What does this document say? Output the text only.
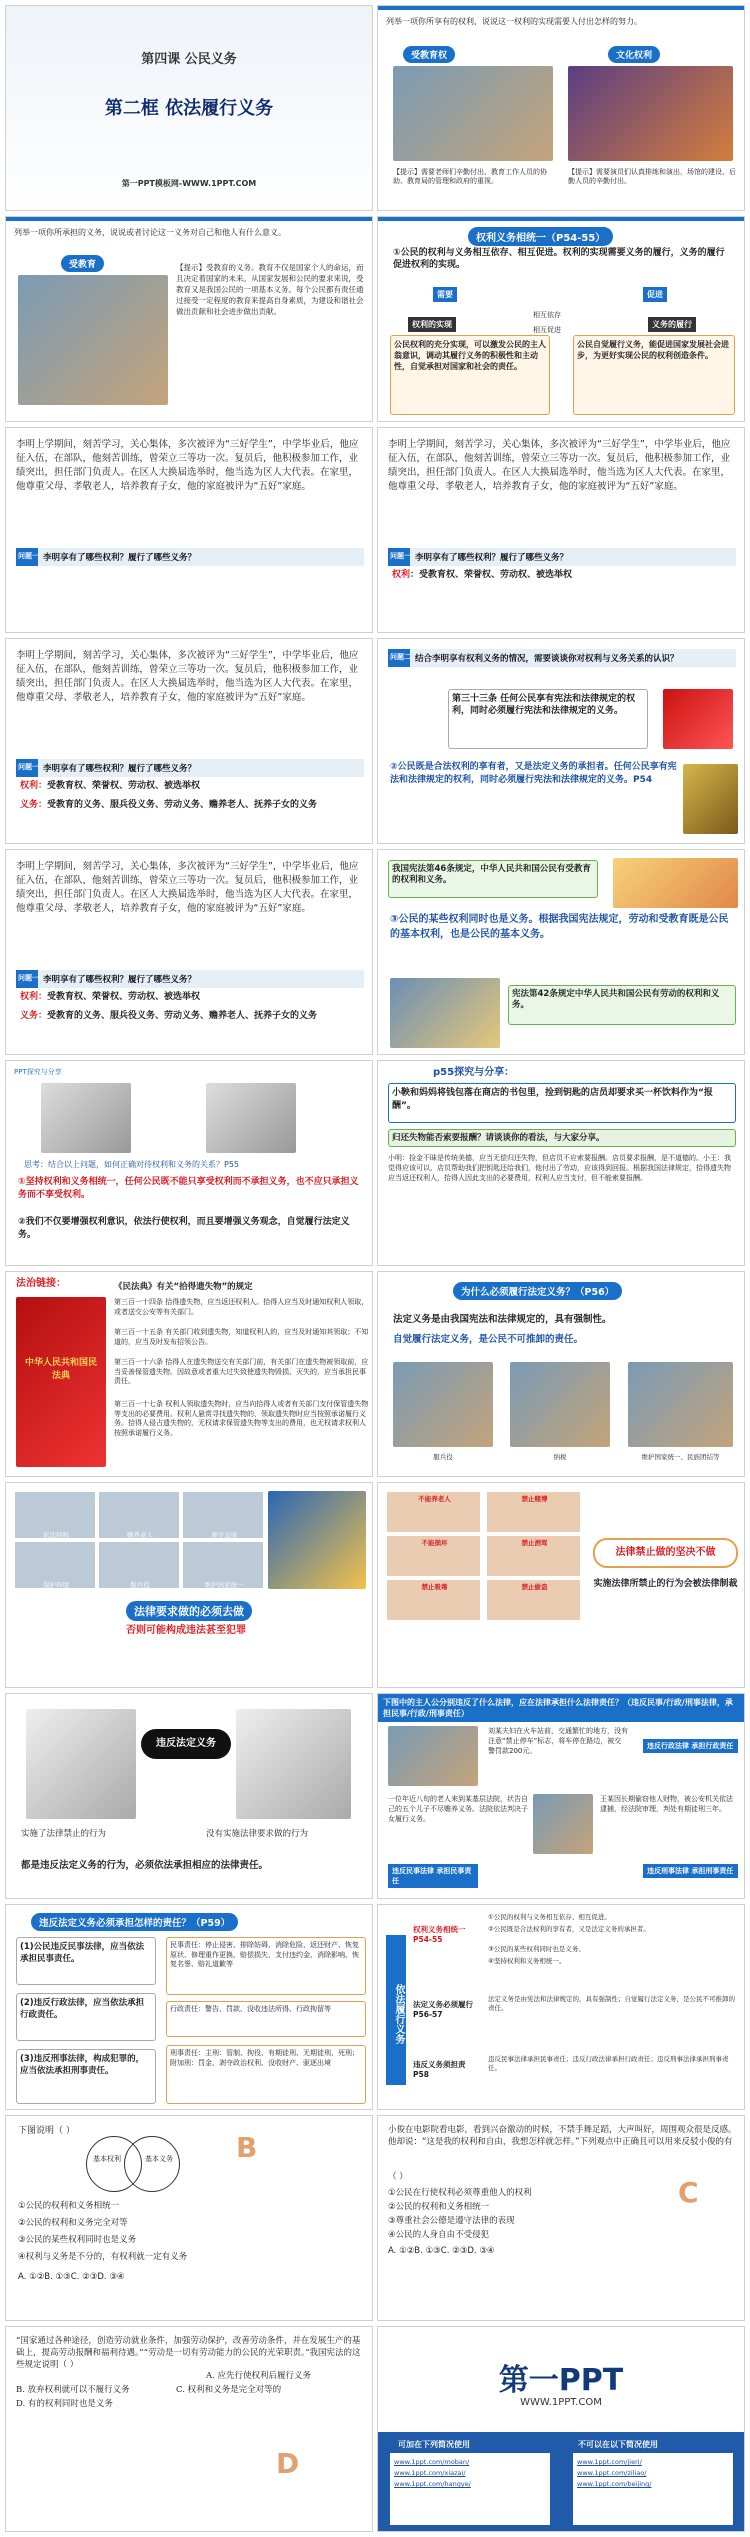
第四课 公民义务
第二框 依法履行义务
第一PPT模板网-WWW.1PPT.COM
列举一项你所享有的权利，说说这一权利的实现需要人付出怎样的努力。
受教育权	文化权利
【提示】需要老师们辛勤付出、教育工作人员的协助、教育局的管理和政府的重视。
【提示】需要演员们认真排练和演出，场馆的建设、后勤人员的辛勤付出。
列举一项你所承担的义务，说说或者讨论这一义务对自己和他人有什么意义。
受教育	【提示】受教育的义务。教育不仅是国家个人的命运，而且决定着国家的未来。从国家发展和公民的要求来说，受教育又是我国公民的一项基本义务。每个公民都有责任通过接受一定程度的教育来提高自身素质，为建设和谐社会做出贡献和社会进步做出贡献。
权利义务相统一（P54-55）
①公民的权利与义务相互依存、相互促进。权利的实现需要义务的履行，义务的履行促进权利的实现。
需要	促进
相互依存
相互促进
权利的实现	义务的履行
公民权利的充分实现，可以激发公民的主人翁意识，调动其履行义务的积极性和主动性，自觉承担对国家和社会的责任。
公民自觉履行义务，能促进国家发展社会进步，为更好实现公民的权利创造条件。
李明上学期间，刻苦学习，关心集体，多次被评为“三好学生”，中学毕业后，他应征入伍，在部队，他刻苦训练，曾荣立三等功一次。复员后，他积极参加工作，业绩突出，担任部门负责人。在区人大换届选举时，他当选为区人大代表。在家里，他尊重父母、孝敬老人，培养教育子女，他的家庭被评为“五好”家庭。
李明享有了哪些权利？履行了哪些义务？
问题一
李明上学期间，刻苦学习，关心集体，多次被评为“三好学生”，中学毕业后，他应征入伍，在部队，他刻苦训练，曾荣立三等功一次。复员后，他积极参加工作，业绩突出，担任部门负责人。在区人大换届选举时，他当选为区人大代表。在家里，他尊重父母、孝敬老人，培养教育子女，他的家庭被评为“五好”家庭。
李明享有了哪些权利？履行了哪些义务？
问题一
权利：受教育权、荣誉权、劳动权、被选举权
李明上学期间，刻苦学习，关心集体，多次被评为“三好学生”，中学毕业后，他应征入伍，在部队，他刻苦训练，曾荣立三等功一次。复员后，他积极参加工作，业绩突出，担任部门负责人。在区人大换届选举时，他当选为区人大代表。在家里，他尊重父母、孝敬老人，培养教育子女，他的家庭被评为“五好”家庭。
李明享有了哪些权利？履行了哪些义务？
问题一
权利：受教育权、荣誉权、劳动权、被选举权
义务：受教育的义务、服兵役义务、劳动义务、赡养老人、抚养子女的义务
结合李明享有权利义务的情况，需要谈谈你对权利与义务关系的认识？
问题二
第三十三条 任何公民享有宪法和法律规定的权利，同时必须履行宪法和法律规定的义务。
②公民既是合法权利的享有者，又是法定义务的承担者。任何公民享有宪法和法律规定的权利，同时必须履行宪法和法律规定的义务。P54
李明上学期间，刻苦学习，关心集体，多次被评为“三好学生”，中学毕业后，他应征入伍，在部队，他刻苦训练，曾荣立三等功一次。复员后，他积极参加工作，业绩突出，担任部门负责人。在区人大换届选举时，他当选为区人大代表。在家里，他尊重父母、孝敬老人，培养教育子女，他的家庭被评为“五好”家庭。
李明享有了哪些权利？履行了哪些义务？
问题一
权利：受教育权、荣誉权、劳动权、被选举权
义务：受教育的义务、服兵役义务、劳动义务、赡养老人、抚养子女的义务
我国宪法第46条规定，中华人民共和国公民有受教育的权利和义务。
③公民的某些权利同时也是义务。根据我国宪法规定，劳动和受教育既是公民的基本权利，也是公民的基本义务。
宪法第42条规定中华人民共和国公民有劳动的权利和义务。
PPT探究与分享
思考：结合以上问题，如何正确对待权利和义务的关系？P55
①坚持权利和义务相统一，任何公民既不能只享受权利而不承担义务，也不应只承担义务而不享受权利。
②我们不仅要增强权利意识，依法行使权利，而且要增强义务观念，自觉履行法定义务。
p55探究与分享：
小鞅和妈妈将钱包落在商店的书包里，捡到钥匙的店员却要求买一杯饮料作为“报酬”。
归还失物能否索要报酬？请谈谈你的看法，与大家分享。
小明：捡金不昧是传统美德，应当无偿归还失物，但店员不应索要报酬。店员要求报酬，是不道德的。小王：我觉得应该可以，店员帮助我们把钥匙还给我们，他付出了劳动，应该得到回报。根据我国法律规定，拾得遗失物应当返还权利人，拾得人因此支出的必要费用，权利人应当支付，但不能索要报酬。
法治链接：
中华人民共和国民法典
《民法典》有关“拾得遗失物”的规定
第三百一十四条 拾得遗失物，应当返还权利人。拾得人应当及时通知权利人领取，或者送交公安等有关部门。
第三百一十五条 有关部门收到遗失物，知道权利人的，应当及时通知其领取；不知道的，应当及时发布招领公告。
第三百一十六条 拾得人在遗失物送交有关部门前，有关部门在遗失物被领取前，应当妥善保管遗失物。因故意或者重大过失致使遗失物毁损、灭失的，应当承担民事责任。
第三百一十七条 权利人领取遗失物时，应当向拾得人或者有关部门支付保管遗失物等支出的必要费用。权利人悬赏寻找遗失物的，领取遗失物时应当按照承诺履行义务。拾得人侵占遗失物的，无权请求保管遗失物等支出的费用，也无权请求权利人按照承诺履行义务。
为什么必须履行法定义务？（P56）
法定义务是由我国宪法和法律规定的，具有强制性。
自觉履行法定义务，是公民不可推卸的责任。
服兵役	纳税	维护国家统一、民族团结等
依法纳税	赡养老人	遵守交通
保护环境	服兵役	维护国家统一
法律要求做的必须去做
否则可能构成违法甚至犯罪
不能养老人
不能损坏
禁止吸毒
禁止赌博
禁止酒驾
禁止偷盗
法律禁止做的坚决不做
实施法律所禁止的行为会被法律制裁
违反法定义务
实施了法律禁止的行为	没有实施法律要求做的行为
都是违反法定义务的行为，必须依法承担相应的法律责任。
下图中的主人公分别违反了什么法律，应在法律承担什么法律责任？（违反民事/行政/刑事法律，承担民事/行政/刑事责任）
刘某夫妇在火车站前，交通繁忙的地方，没有注意“禁止停车”标志，将车停在路边，被交警罚款200元。
违反行政法律 承担行政责任
一位年近八旬的老人来到某基层法院，状告自己的五个儿子不尽赡养义务。法院依法判决子女履行义务。
违反民事法律 承担民事责任
王某因长期偷窃他人财物，被公安机关依法逮捕，经法院审理，判处有期徒刑三年。
违反刑事法律 承担刑事责任
违反法定义务必须承担怎样的责任？（P59）
(1)公民违反民事法律，应当依法承担民事责任。
(2)违反行政法律，应当依法承担行政责任。
(3)违反刑事法律，构成犯罪的，应当依法承担刑事责任。
民事责任：停止侵害、排除妨碍、消除危险、返还财产、恢复原状、修理重作更换、赔偿损失、支付违约金、消除影响、恢复名誉、赔礼道歉等
行政责任：警告、罚款、没收违法所得、行政拘留等
刑事责任：主刑：管制、拘役、有期徒刑、无期徒刑、死刑；附加刑：罚金、剥夺政治权利、没收财产、驱逐出境
依法履行义务
权利义务相统一 P54-55
①公民的权利与义务相互依存、相互促进。
②公民既是合法权利的享有者，又是法定义务的承担者。
③公民的某些权利同时也是义务。
④坚持权利和义务相统一。
法定义务必须履行 P56-57
法定义务是由宪法和法律规定的，具有强制性；自觉履行法定义务，是公民不可推卸的责任。
违反义务须担责 P58
违反民事法律承担民事责任；违反行政法律承担行政责任；违反刑事法律承担刑事责任。
下图说明（ ）
基本权利	基本义务
①公民的权利和义务相统一
②公民的权利和义务完全对等
③公民的某些权利同时也是义务
④权利与义务是不分的，有权利就一定有义务
A. ①②B. ①③C. ②③D. ③④
B
小俊在电影院看电影，看到兴奋激动的时候，不禁手舞足蹈，大声叫好，周围观众很是反感。他却说：“这是我的权利和自由，我想怎样就怎样。”下列观点中正确且可以用来反驳小俊的有
（ ）
①公民在行使权利必须尊重他人的权利
②公民的权利和义务相统一
③尊重社会公德是遵守法律的表现
④公民的人身自由不受侵犯
A. ①②B. ①③C. ②③D. ③④
C
“国家通过各种途径，创造劳动就业条件，加强劳动保护，改善劳动条件，并在发展生产的基础上，提高劳动报酬和福利待遇。”“劳动是一切有劳动能力的公民的光荣职责。”我国宪法的这些规定说明（ ）
A. 应先行使权利后履行义务
B. 放弃权利就可以不履行义务	C. 权利和义务是完全对等的
D. 有的权利同时也是义务
D
第一PPT
WWW.1PPT.COM
可加在下列简况使用	不可以在以下简况使用
www.1ppt.com/moban/
www.1ppt.com/xiazai/
www.1ppt.com/hangye/
www.1ppt.com/jieri/
www.1ppt.com/ziliao/
www.1ppt.com/beijing/
